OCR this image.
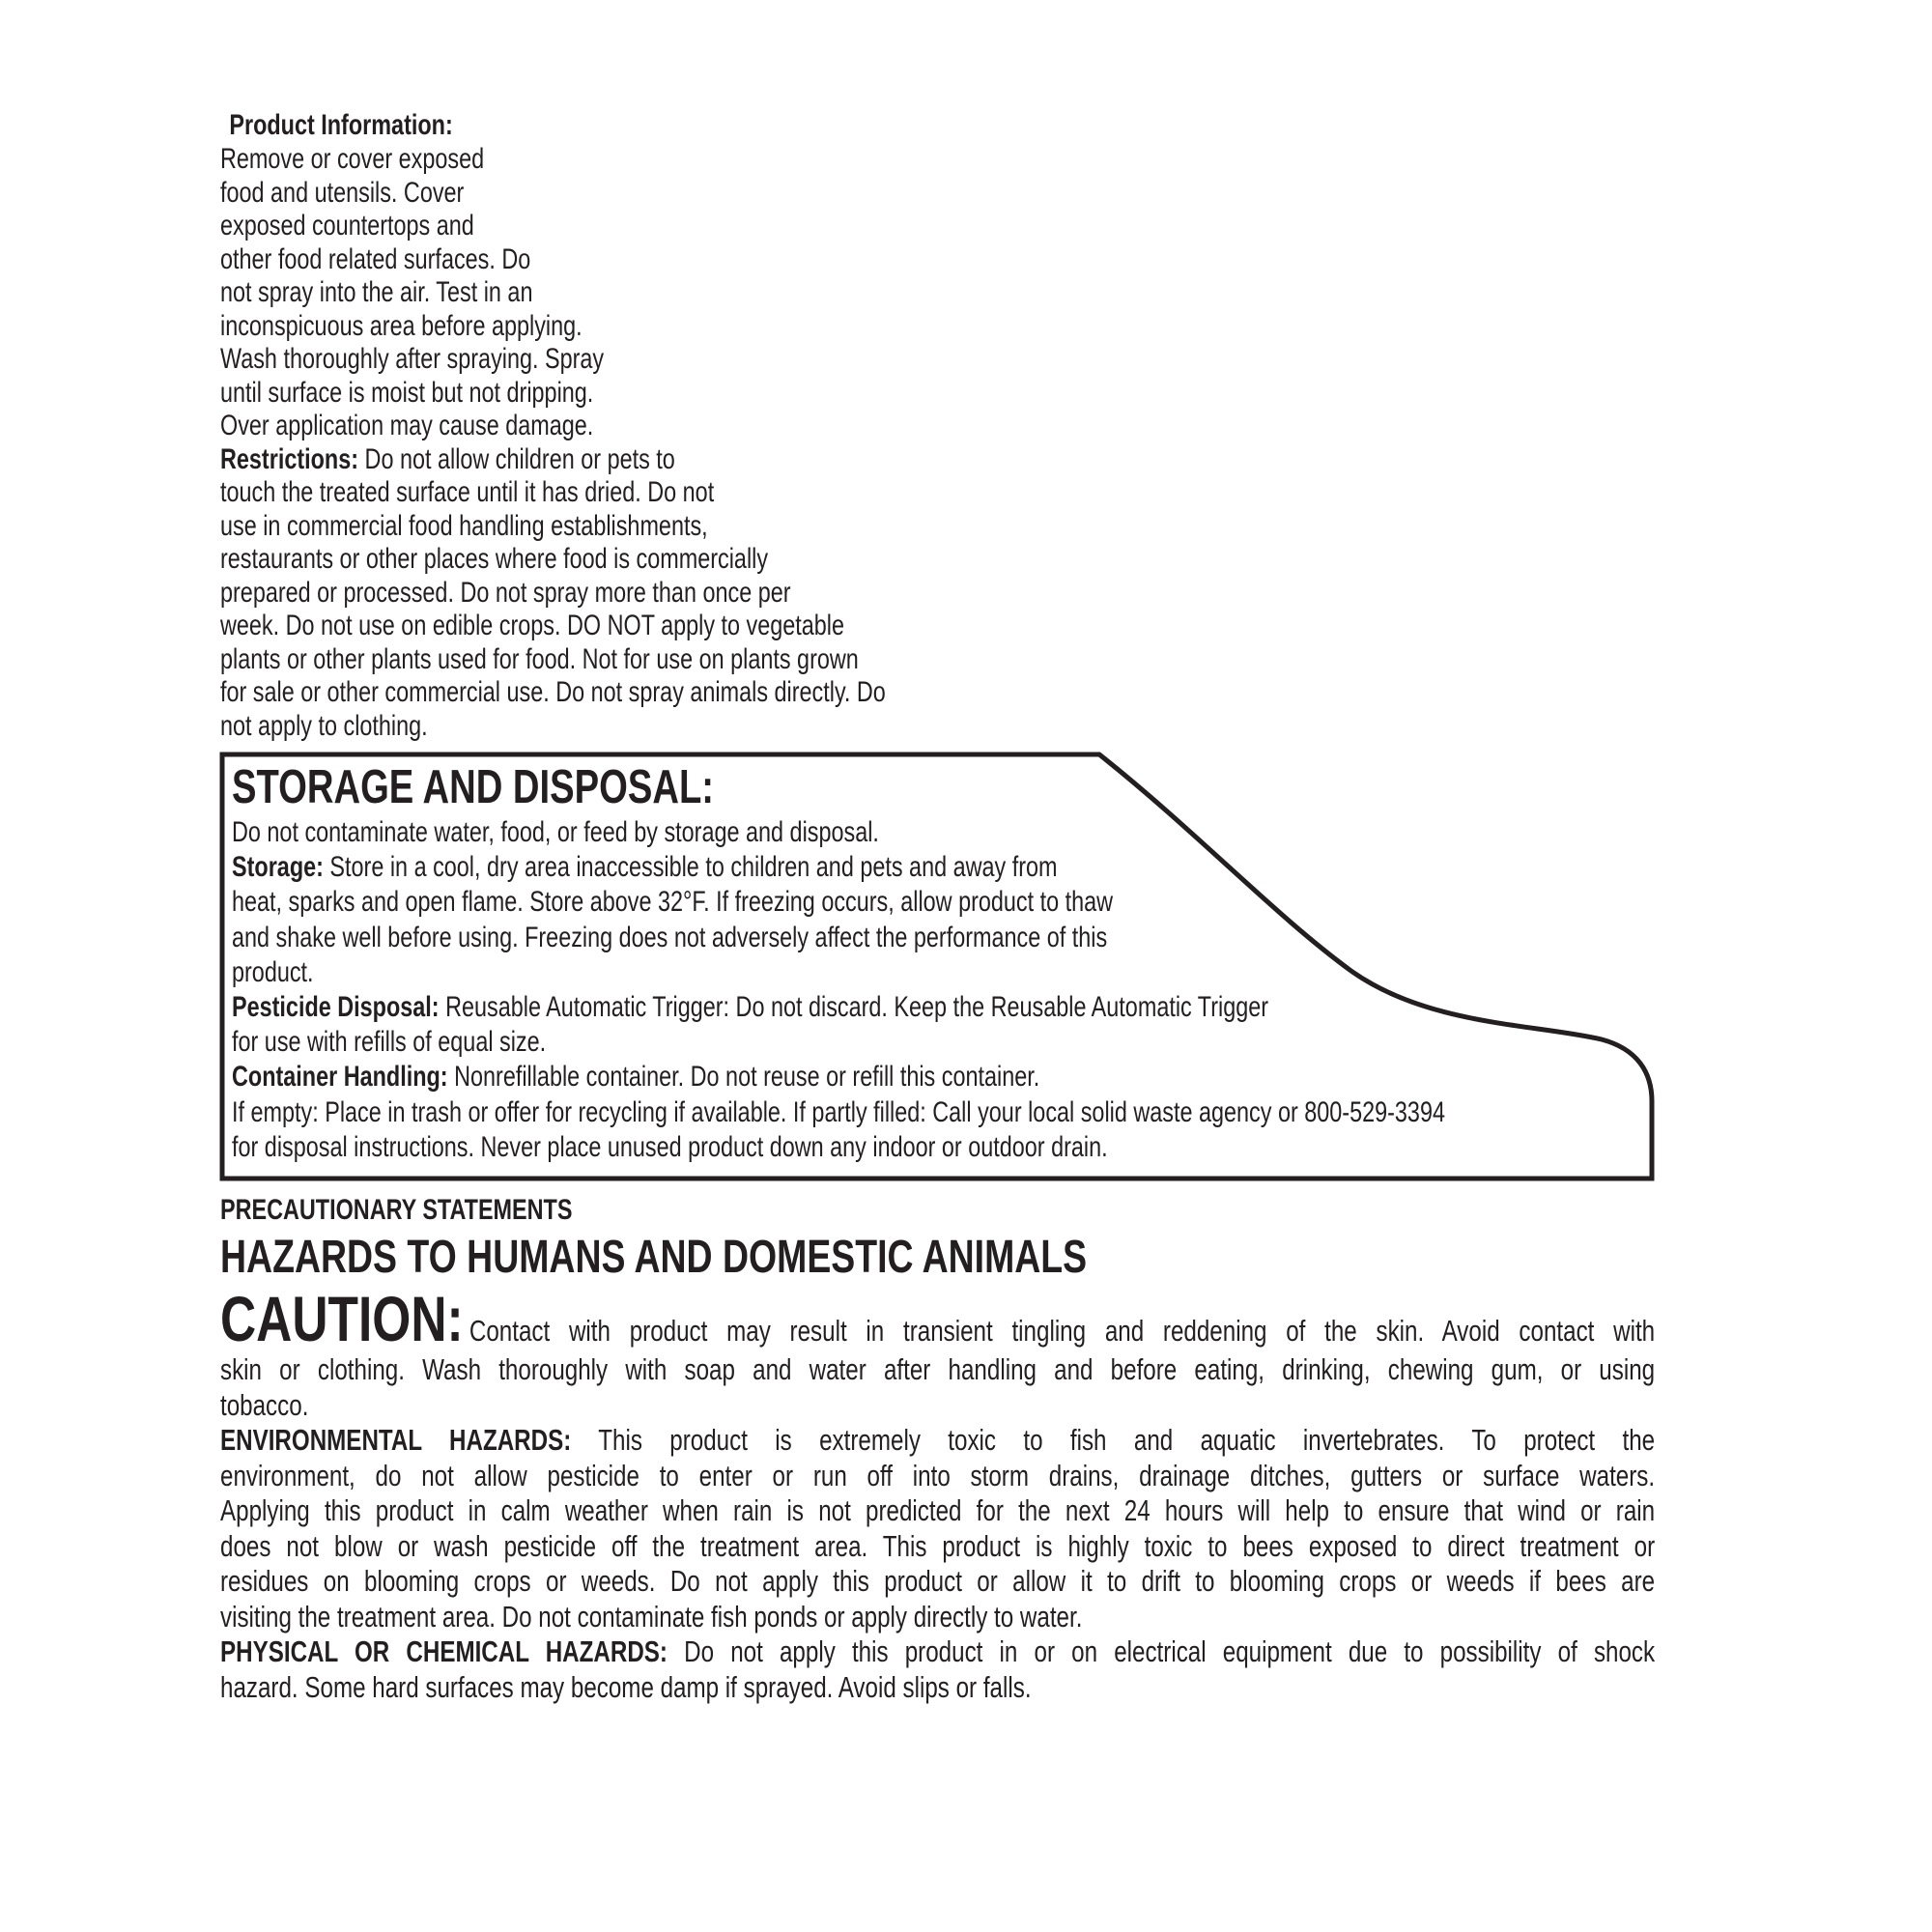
Product Information:
Remove or cover exposed
food and utensils. Cover
exposed countertops and
other food related surfaces. Do
not spray into the air. Test in an
inconspicuous area before applying.
Wash thoroughly after spraying. Spray
until surface is moist but not dripping.
Over application may cause damage.
Restrictions: Do not allow children or pets to
touch the treated surface until it has dried. Do not
use in commercial food handling establishments,
restaurants or other places where food is commercially
prepared or processed. Do not spray more than once per
week. Do not use on edible crops. DO NOT apply to vegetable
plants or other plants used for food. Not for use on plants grown
for sale or other commercial use. Do not spray animals directly. Do
not apply to clothing.
STORAGE AND DISPOSAL:
Do not contaminate water, food, or feed by storage and disposal.
Storage: Store in a cool, dry area inaccessible to children and pets and away from
heat, sparks and open flame. Store above 32°F. If freezing occurs, allow product to thaw
and shake well before using. Freezing does not adversely affect the performance of this
product.
Pesticide Disposal: Reusable Automatic Trigger: Do not discard. Keep the Reusable Automatic Trigger
for use with refills of equal size.
Container Handling: Nonrefillable container. Do not reuse or refill this container.
If empty: Place in trash or offer for recycling if available. If partly filled: Call your local solid waste agency or 800-529-3394
for disposal instructions. Never place unused product down any indoor or outdoor drain.
PRECAUTIONARY STATEMENTS
HAZARDS TO HUMANS AND DOMESTIC ANIMALS
CAUTION: Contact with product may result in transient tingling and reddening of the skin. Avoid contact with
skin or clothing. Wash thoroughly with soap and water after handling and before eating, drinking, chewing gum, or using
tobacco.
ENVIRONMENTAL HAZARDS: This product is extremely toxic to fish and aquatic invertebrates. To protect the
environment, do not allow pesticide to enter or run off into storm drains, drainage ditches, gutters or surface waters.
Applying this product in calm weather when rain is not predicted for the next 24 hours will help to ensure that wind or rain
does not blow or wash pesticide off the treatment area. This product is highly toxic to bees exposed to direct treatment or
residues on blooming crops or weeds. Do not apply this product or allow it to drift to blooming crops or weeds if bees are
visiting the treatment area. Do not contaminate fish ponds or apply directly to water.
PHYSICAL OR CHEMICAL HAZARDS: Do not apply this product in or on electrical equipment due to possibility of shock
hazard. Some hard surfaces may become damp if sprayed. Avoid slips or falls.
